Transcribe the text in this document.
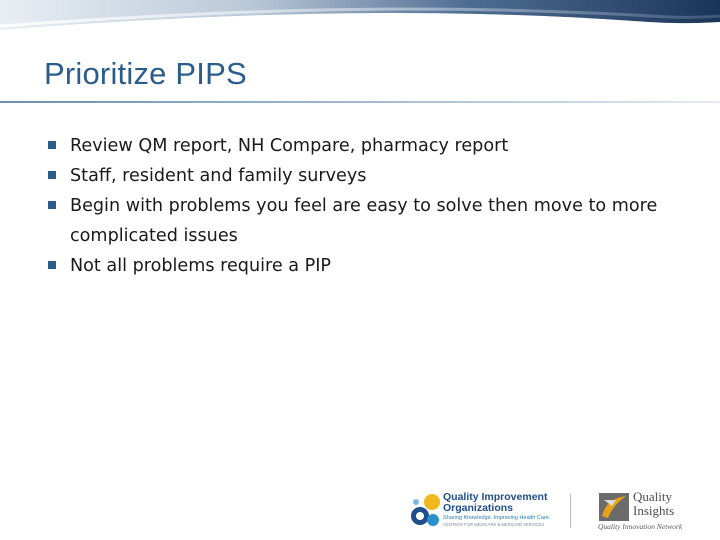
Prioritize PIPS
Review QM report, NH Compare, pharmacy report
Staff, resident and family surveys
Begin with problems you feel are easy to solve then move to more complicated issues
Not all problems require a PIP
Quality Improvement
Organizations
Sharing Knowledge. Improving Health Care.
CENTERS FOR MEDICARE & MEDICAID SERVICES
Quality
Insights
Quality Innovation Network
